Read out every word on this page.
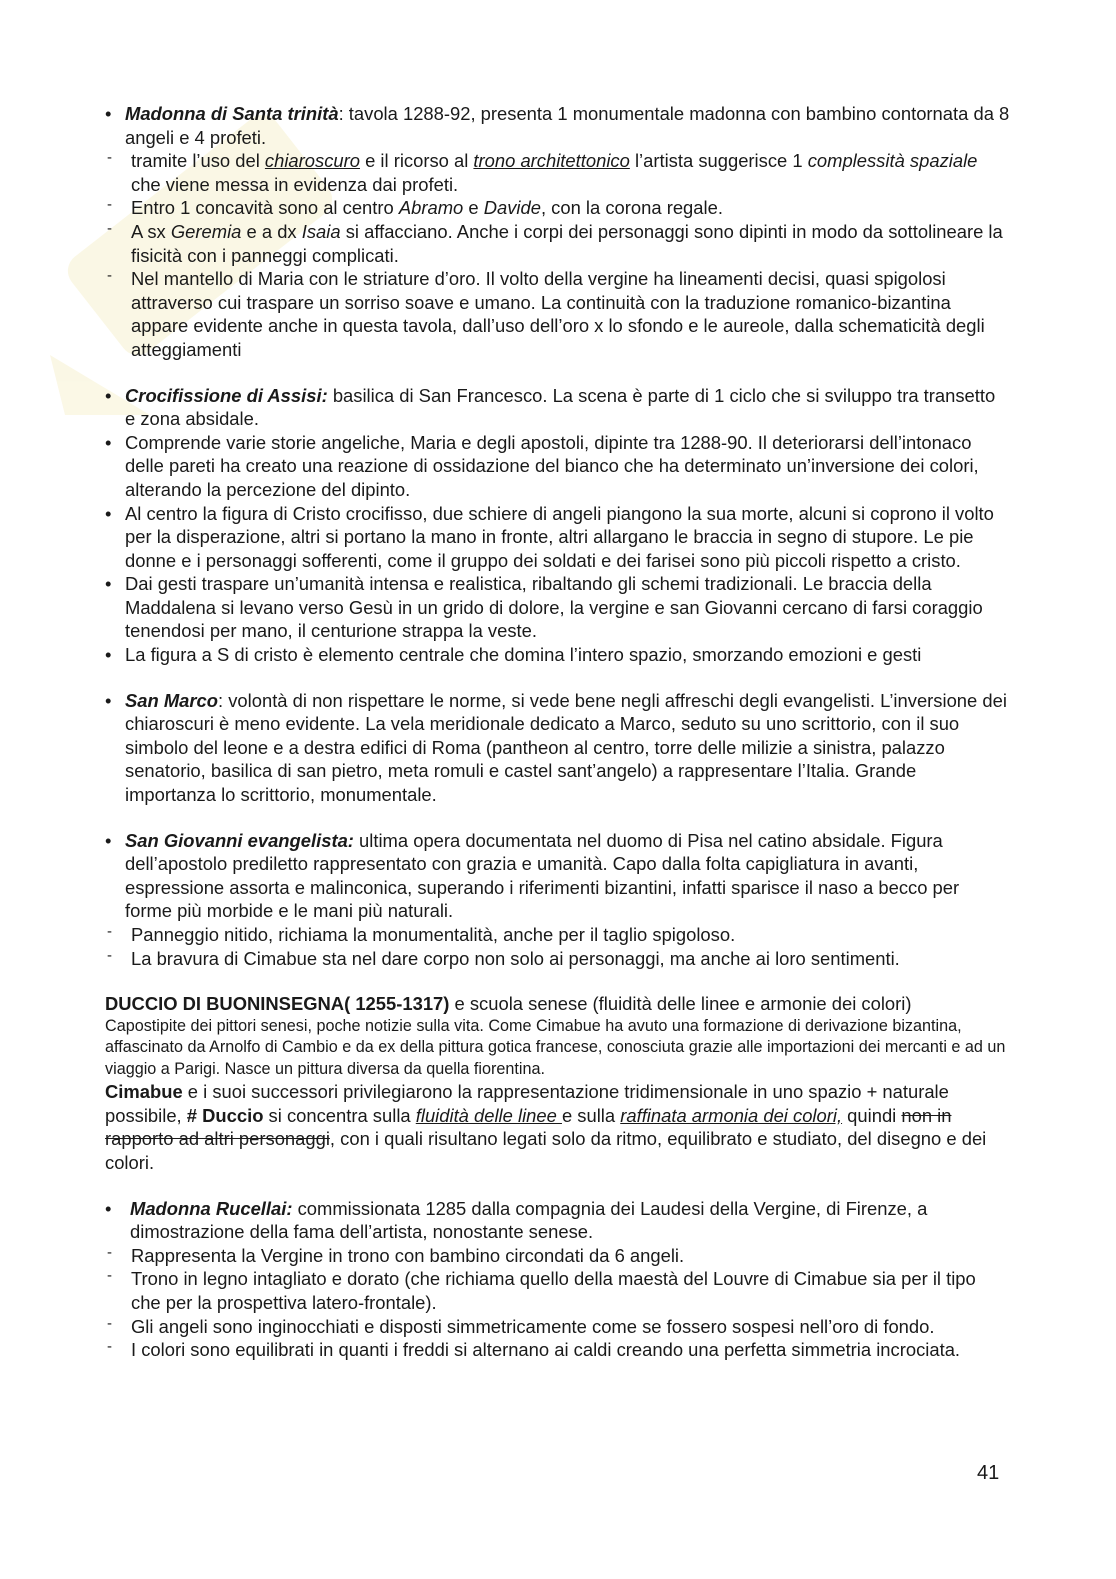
• Madonna di Santa trinità: tavola 1288-92, presenta 1 monumentale madonna con bambino contornata da 8 angeli e 4 profeti.
- tramite l’uso del chiaroscuro e il ricorso al trono architettonico l’artista suggerisce 1 complessità spaziale che viene messa in evidenza dai profeti.
- Entro 1 concavità sono al centro Abramo e Davide, con la corona regale.
- A sx Geremia e a dx Isaia si affacciano. Anche i corpi dei personaggi sono dipinti in modo da sottolineare la fisicità con i panneggi complicati.
- Nel mantello di Maria con le striature d’oro. Il volto della vergine ha lineamenti decisi, quasi spigolosi attraverso cui traspare un sorriso soave e umano. La continuità con la traduzione romanico-bizantina appare evidente anche in questa tavola, dall’uso dell’oro x lo sfondo e le aureole, dalla schematicità degli atteggiamenti
• Crocifissione di Assisi: basilica di San Francesco. La scena è parte di 1 ciclo che si sviluppo tra transetto e zona absidale.
• Comprende varie storie angeliche, Maria e degli apostoli, dipinte tra 1288-90. Il deteriorarsi dell’intonaco delle pareti ha creato una reazione di ossidazione del bianco che ha determinato un’inversione dei colori, alterando la percezione del dipinto.
• Al centro la figura di Cristo crocifisso, due schiere di angeli piangono la sua morte, alcuni si coprono il volto per la disperazione, altri si portano la mano in fronte, altri allargano le braccia in segno di stupore. Le pie donne e i personaggi sofferenti, come il gruppo dei soldati e dei farisei sono più piccoli rispetto a cristo.
• Dai gesti traspare un’umanità intensa e realistica, ribaltando gli schemi tradizionali. Le braccia della Maddalena si levano verso Gesù in un grido di dolore, la vergine e san Giovanni cercano di farsi coraggio tenendosi per mano, il centurione strappa la veste.
• La figura a S di cristo è elemento centrale che domina l’intero spazio, smorzando emozioni e gesti
• San Marco: volontà di non rispettare le norme, si vede bene negli affreschi degli evangelisti. L’inversione dei chiaroscuri è meno evidente. La vela meridionale dedicato a Marco, seduto su uno scrittorio, con il suo simbolo del leone e a destra edifici di Roma (pantheon al centro, torre delle milizie a sinistra, palazzo senatorio, basilica di san pietro, meta romuli e castel sant’angelo) a rappresentare l’Italia. Grande importanza lo scrittorio, monumentale.
• San Giovanni evangelista: ultima opera documentata nel duomo di Pisa nel catino absidale. Figura dell’apostolo prediletto rappresentato con grazia e umanità. Capo dalla folta capigliatura in avanti, espressione assorta e malinconica, superando i riferimenti bizantini, infatti sparisce il naso a becco per forme più morbide e le mani più naturali.
- Panneggio nitido, richiama la monumentalità, anche per il taglio spigoloso.
- La bravura di Cimabue sta nel dare corpo non solo ai personaggi, ma anche ai loro sentimenti.
DUCCIO DI BUONINSEGNA( 1255-1317) e scuola senese (fluidità delle linee e armonie dei colori)
Capostipite dei pittori senesi, poche notizie sulla vita. Come Cimabue ha avuto una formazione di derivazione bizantina, affascinato da Arnolfo di Cambio e da ex della pittura gotica francese, conosciuta grazie alle importazioni dei mercanti e ad un viaggio a Parigi. Nasce un pittura diversa da quella fiorentina.
Cimabue e i suoi successori privilegiarono la rappresentazione tridimensionale in uno spazio + naturale possibile, # Duccio si concentra sulla fluidità delle linee e sulla raffinata armonia dei colori, quindi non in rapporto ad altri personaggi, con i quali risultano legati solo da ritmo, equilibrato e studiato, del disegno e dei colori.
• Madonna Rucellai: commissionata 1285 dalla compagnia dei Laudesi della Vergine, di Firenze, a dimostrazione della fama dell’artista, nonostante senese.
- Rappresenta la Vergine in trono con bambino circondati da 6 angeli.
- Trono in legno intagliato e dorato (che richiama quello della maestà del Louvre di Cimabue sia per il tipo che per la prospettiva latero-frontale).
- Gli angeli sono inginocchiati e disposti simmetricamente come se fossero sospesi nell’oro di fondo.
- I colori sono equilibrati in quanti i freddi si alternano ai caldi creando una perfetta simmetria incrociata.
41
